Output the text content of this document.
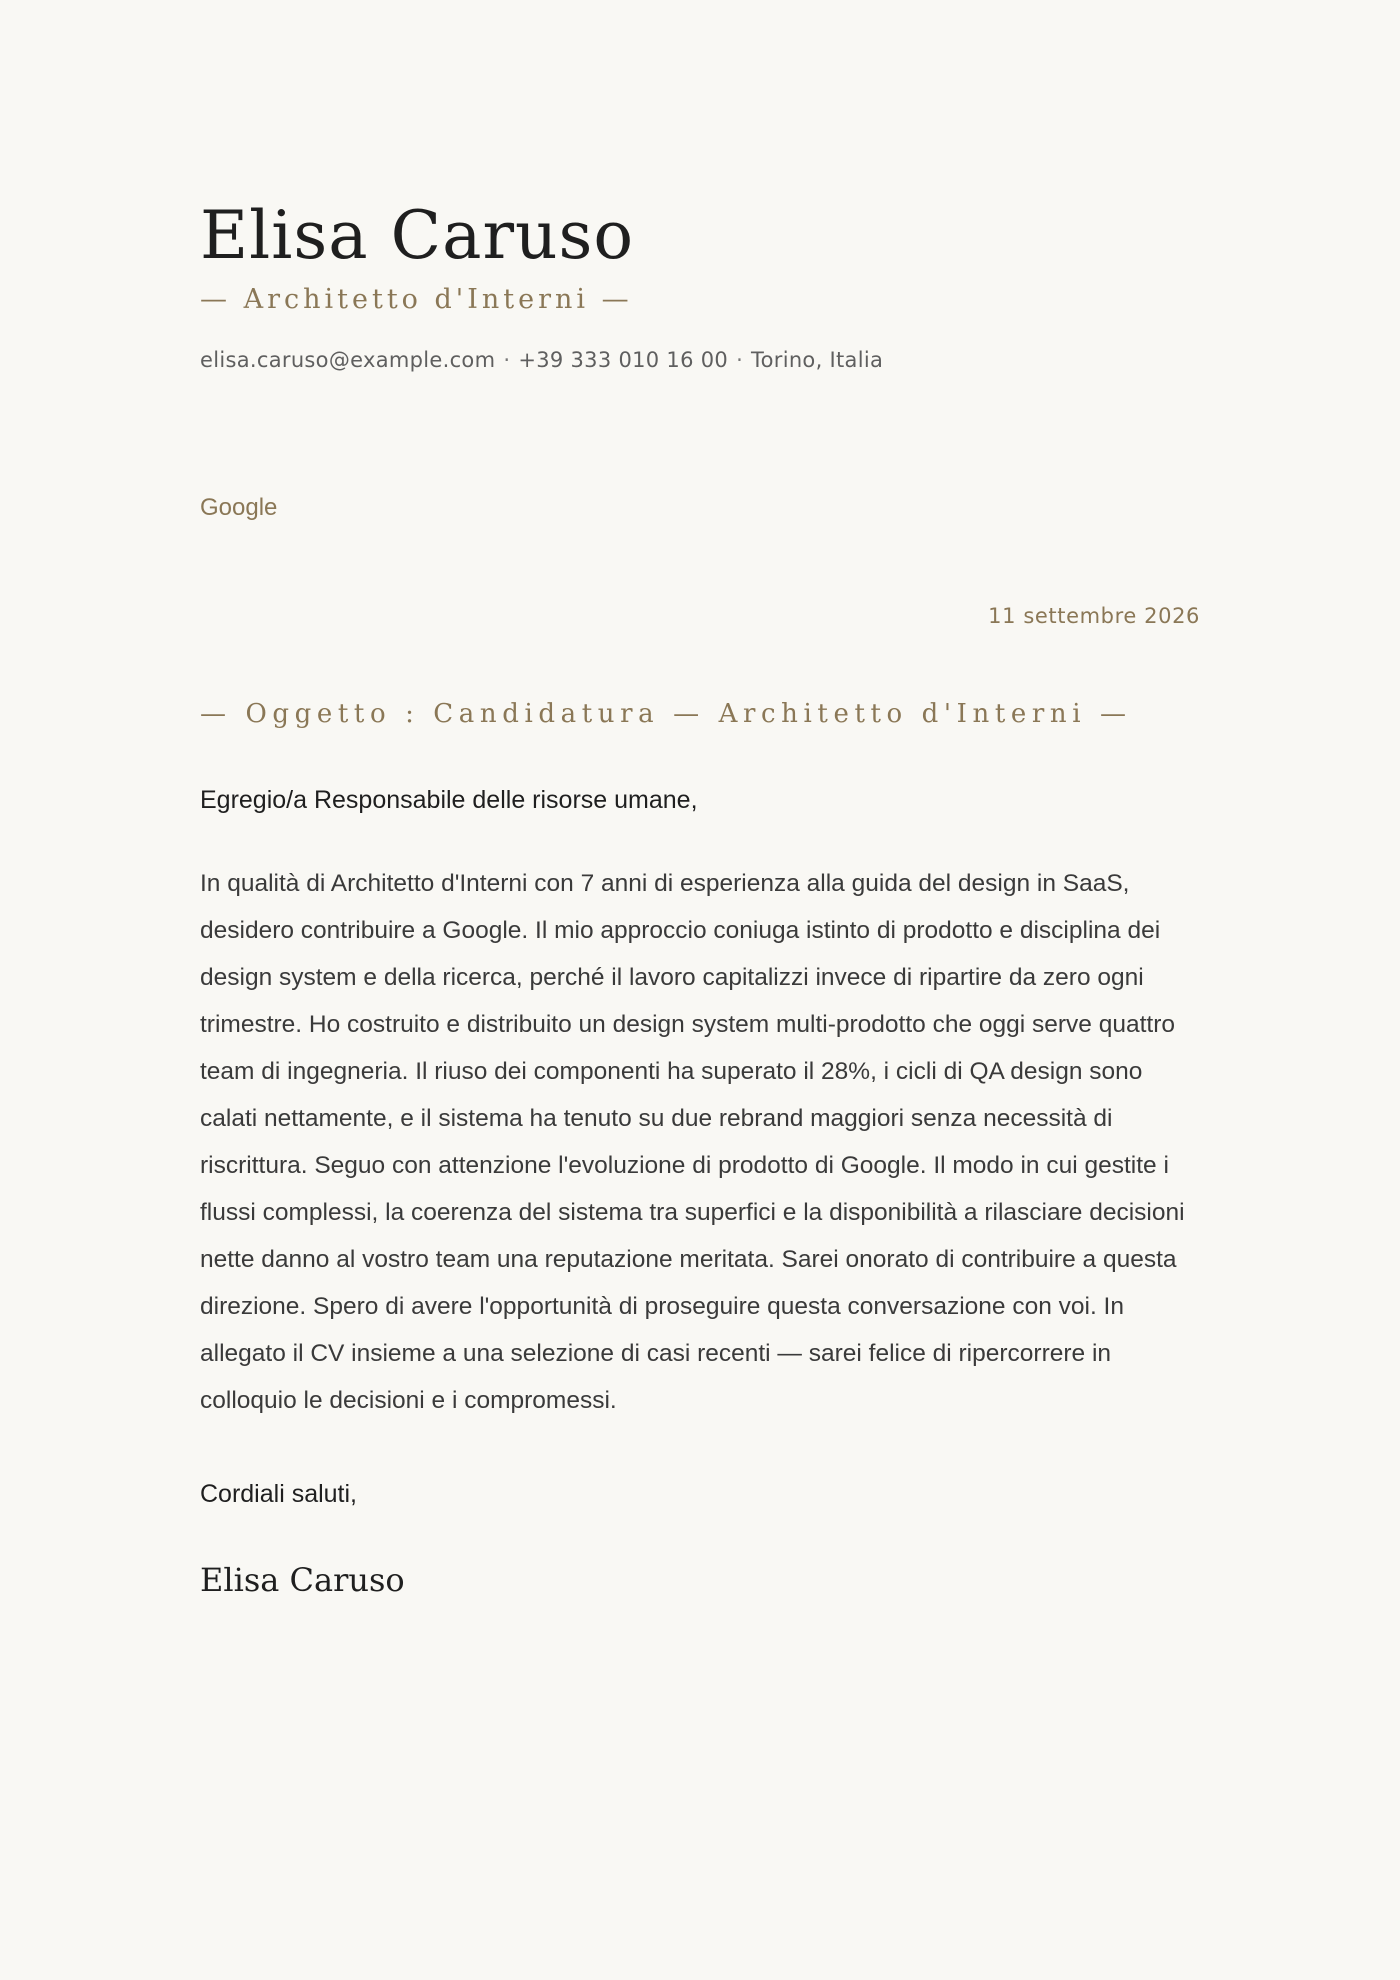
Elisa Caruso
— Architetto d'Interni —
elisa.caruso@example.com · +39 333 010 16 00 · Torino, Italia
Google
11 settembre 2026
— Oggetto : Candidatura — Architetto d'Interni —
Egregio/a Responsabile delle risorse umane,

In qualità di Architetto d'Interni con 7 anni di esperienza alla guida del design in SaaS, desidero contribuire a Google. Il mio approccio coniuga istinto di prodotto e disciplina dei design system e della ricerca, perché il lavoro capitalizzi invece di ripartire da zero ogni trimestre. Ho costruito e distribuito un design system multi-prodotto che oggi serve quattro team di ingegneria. Il riuso dei componenti ha superato il 28%, i cicli di QA design sono calati nettamente, e il sistema ha tenuto su due rebrand maggiori senza necessità di riscrittura. Seguo con attenzione l'evoluzione di prodotto di Google. Il modo in cui gestite i flussi complessi, la coerenza del sistema tra superfici e la disponibilità a rilasciare decisioni nette danno al vostro team una reputazione meritata. Sarei onorato di contribuire a questa direzione. Spero di avere l'opportunità di proseguire questa conversazione con voi. In allegato il CV insieme a una selezione di casi recenti — sarei felice di ripercorrere in colloquio le decisioni e i compromessi.

Cordiali saluti,
Elisa Caruso
